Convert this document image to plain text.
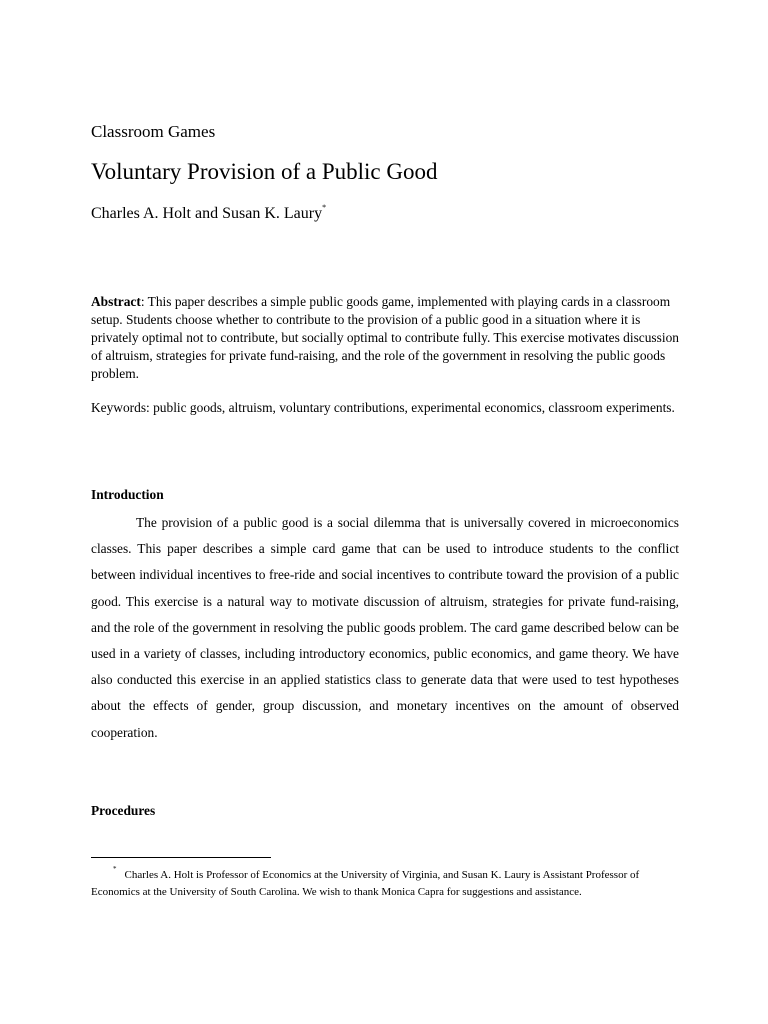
Classroom Games
Voluntary Provision of a Public Good
Charles A. Holt and Susan K. Laury*

Abstract: This paper describes a simple public goods game, implemented with playing cards in a classroom setup. Students choose whether to contribute to the provision of a public good in a situation where it is privately optimal not to contribute, but socially optimal to contribute fully. This exercise motivates discussion of altruism, strategies for private fund-raising, and the role of the government in resolving the public goods problem.

Keywords: public goods, altruism, voluntary contributions, experimental economics, classroom experiments.

Introduction

The provision of a public good is a social dilemma that is universally covered in microeconomics classes. This paper describes a simple card game that can be used to introduce students to the conflict between individual incentives to free-ride and social incentives to contribute toward the provision of a public good. This exercise is a natural way to motivate discussion of altruism, strategies for private fund-raising, and the role of the government in resolving the public goods problem. The card game described below can be used in a variety of classes, including introductory economics, public economics, and game theory. We have also conducted this exercise in an applied statistics class to generate data that were used to test hypotheses about the effects of gender, group discussion, and monetary incentives on the amount of observed cooperation.

Procedures

* Charles A. Holt is Professor of Economics at the University of Virginia, and Susan K. Laury is Assistant Professor of Economics at the University of South Carolina. We wish to thank Monica Capra for suggestions and assistance.
